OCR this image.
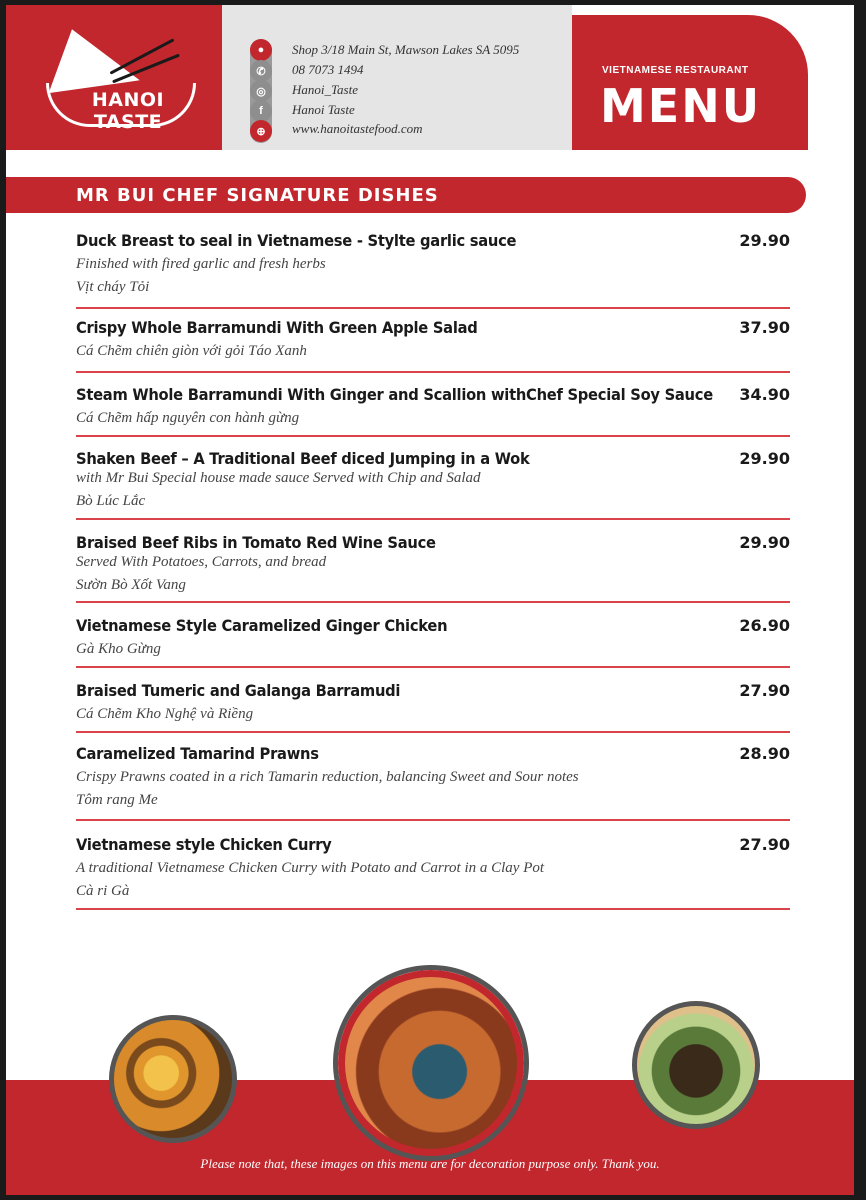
HANOI TASTE
●
✆
◎
f
⊕
Shop 3/18 Main St, Mawson Lakes SA 5095
08 7073 1494
Hanoi_Taste
Hanoi Taste
www.hanoitastefood.com
VIETNAMESE RESTAURANT
MENU
MR BUI CHEF SIGNATURE DISHES
Duck Breast to seal in Vietnamese - Stylte garlic sauce	29.90
Finished with fired garlic and fresh herbs
Vịt cháy Tỏi
Crispy Whole Barramundi With Green Apple Salad	37.90
Cá Chẽm chiên giòn với gỏi Táo Xanh
Steam Whole Barramundi With Ginger and Scallion withChef Special Soy Sauce	34.90
Cá Chẽm hấp nguyên con hành gừng
Shaken Beef – A Traditional Beef diced Jumping in a Wok	29.90
with Mr Bui Special house made sauce Served with Chip and Salad
Bò Lúc Lắc
Braised Beef Ribs in Tomato Red Wine Sauce	29.90
Served With Potatoes, Carrots, and bread
Sườn Bò Xốt Vang
Vietnamese Style Caramelized Ginger Chicken	26.90
Gà Kho Gừng
Braised Tumeric and Galanga Barramudi	27.90
Cá Chẽm Kho Nghệ và Riềng
Caramelized Tamarind Prawns	28.90
Crispy Prawns coated in a rich Tamarin reduction, balancing Sweet and Sour notes
Tôm rang Me
Vietnamese style Chicken Curry	27.90
A traditional Vietnamese Chicken Curry with Potato and Carrot in a Clay Pot
Cà ri Gà
Please note that, these images on this menu are for decoration purpose only. Thank you.
